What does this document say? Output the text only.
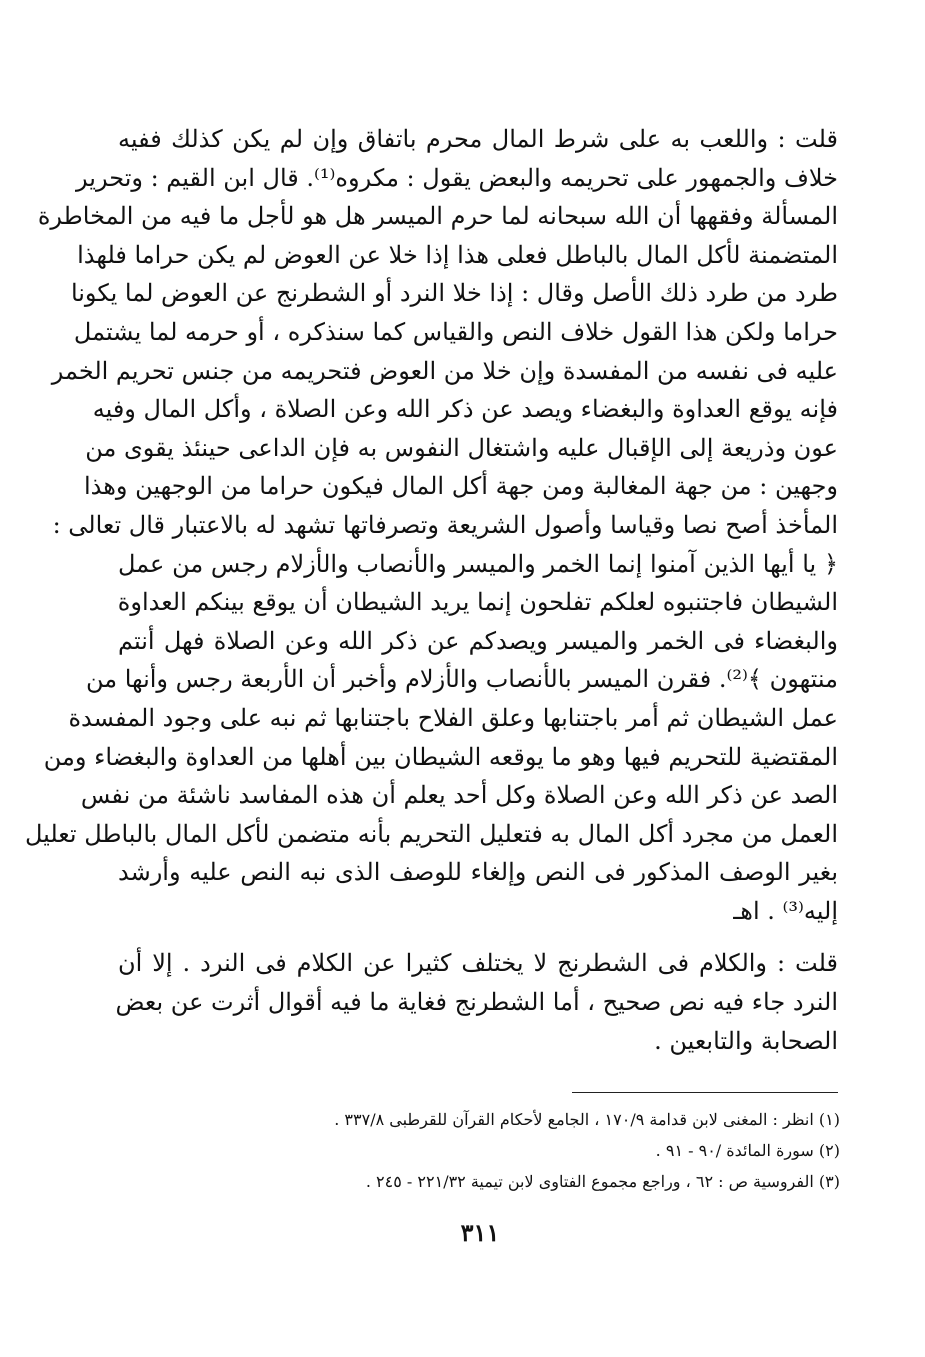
قلت : واللعب به على شرط المال محرم باتفاق وإن لم يكن كذلك ففيه
خلاف والجمهور على تحريمه والبعض يقول : مكروه⁽¹⁾. قال ابن القيم : وتحرير
المسألة وفقهها أن الله سبحانه لما حرم الميسر هل هو لأجل ما فيه من المخاطرة
المتضمنة لأكل المال بالباطل فعلى هذا إذا خلا عن العوض لم يكن حراما فلهذا
طرد من طرد ذلك الأصل وقال : إذا خلا النرد أو الشطرنج عن العوض لما يكونا
حراما ولكن هذا القول خلاف النص والقياس كما سنذكره ، أو حرمه لما يشتمل
عليه فى نفسه من المفسدة وإن خلا من العوض فتحريمه من جنس تحريم الخمر
فإنه يوقع العداوة والبغضاء ويصد عن ذكر الله وعن الصلاة ، وأكل المال وفيه
عون وذريعة إلى الإقبال عليه واشتغال النفوس به فإن الداعى حينئذ يقوى من
وجهين : من جهة المغالبة ومن جهة أكل المال فيكون حراما من الوجهين وهذا
المأخذ أصح نصا وقياسا وأصول الشريعة وتصرفاتها تشهد له بالاعتبار قال تعالى :
﴿ يا أيها الذين آمنوا إنما الخمر والميسر والأنصاب والأزلام رجس من عمل
الشيطان فاجتنبوه لعلكم تفلحون إنما يريد الشيطان أن يوقع بينكم العداوة
والبغضاء فى الخمر والميسر ويصدكم عن ذكر الله وعن الصلاة فهل أنتم
منتهون ﴾⁽²⁾. فقرن الميسر بالأنصاب والأزلام وأخبر أن الأربعة رجس وأنها من
عمل الشيطان ثم أمر باجتنابها وعلق الفلاح باجتنابها ثم نبه على وجود المفسدة
المقتضية للتحريم فيها وهو ما يوقعه الشيطان بين أهلها من العداوة والبغضاء ومن
الصد عن ذكر الله وعن الصلاة وكل أحد يعلم أن هذه المفاسد ناشئة من نفس
العمل من مجرد أكل المال به فتعليل التحريم بأنه متضمن لأكل المال بالباطل تعليل
بغير الوصف المذكور فى النص وإلغاء للوصف الذى نبه النص عليه وأرشد
إليه⁽³⁾ . اهـ
قلت : والكلام فى الشطرنج لا يختلف كثيرا عن الكلام فى النرد . إلا أن
النرد جاء فيه نص صحيح ، أما الشطرنج فغاية ما فيه أقوال أثرت عن بعض
الصحابة والتابعين .
(١) انظر : المغنى لابن قدامة ١٧٠/٩ ، الجامع لأحكام القرآن للقرطبى ٣٣٧/٨ .
(٢) سورة المائدة /٩٠ - ٩١ .
(٣) الفروسية ص : ٦٢ ، وراجع مجموع الفتاوى لابن تيمية ٢٢١/٣٢ - ٢٤٥ .
٣١١
